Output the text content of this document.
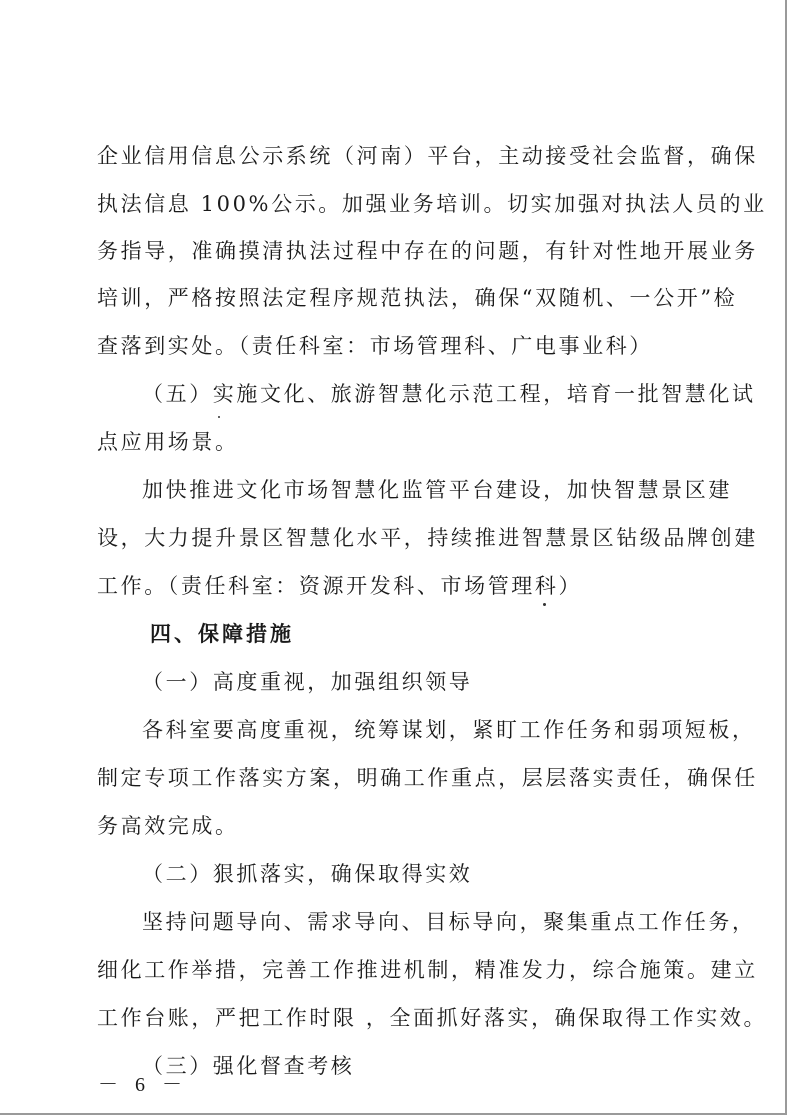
企业信用信息公示系统（河南）平台，主动接受社会监督，确保
执法信息 100%公示。加强业务培训。切实加强对执法人员的业
务指导，准确摸清执法过程中存在的问题，有针对性地开展业务
培训，严格按照法定程序规范执法，确保“双随机、一公开”检
查落到实处。（责任科室：市场管理科、广电事业科）
（五）实施文化、旅游智慧化示范工程，培育一批智慧化试
点应用场景。
加快推进文化市场智慧化监管平台建设，加快智慧景区建
设，大力提升景区智慧化水平，持续推进智慧景区钻级品牌创建
工作。（责任科室：资源开发科、市场管理科）
四、保障措施
（一）高度重视，加强组织领导
各科室要高度重视，统筹谋划，紧盯工作任务和弱项短板，
制定专项工作落实方案，明确工作重点，层层落实责任，确保任
务高效完成。
（二）狠抓落实，确保取得实效
坚持问题导向、需求导向、目标导向，聚集重点工作任务，
细化工作举措，完善工作推进机制，精准发力，综合施策。建立
工作台账，严把工作时限 ，全面抓好落实，确保取得工作实效。
（三）强化督查考核
－ 6 －
